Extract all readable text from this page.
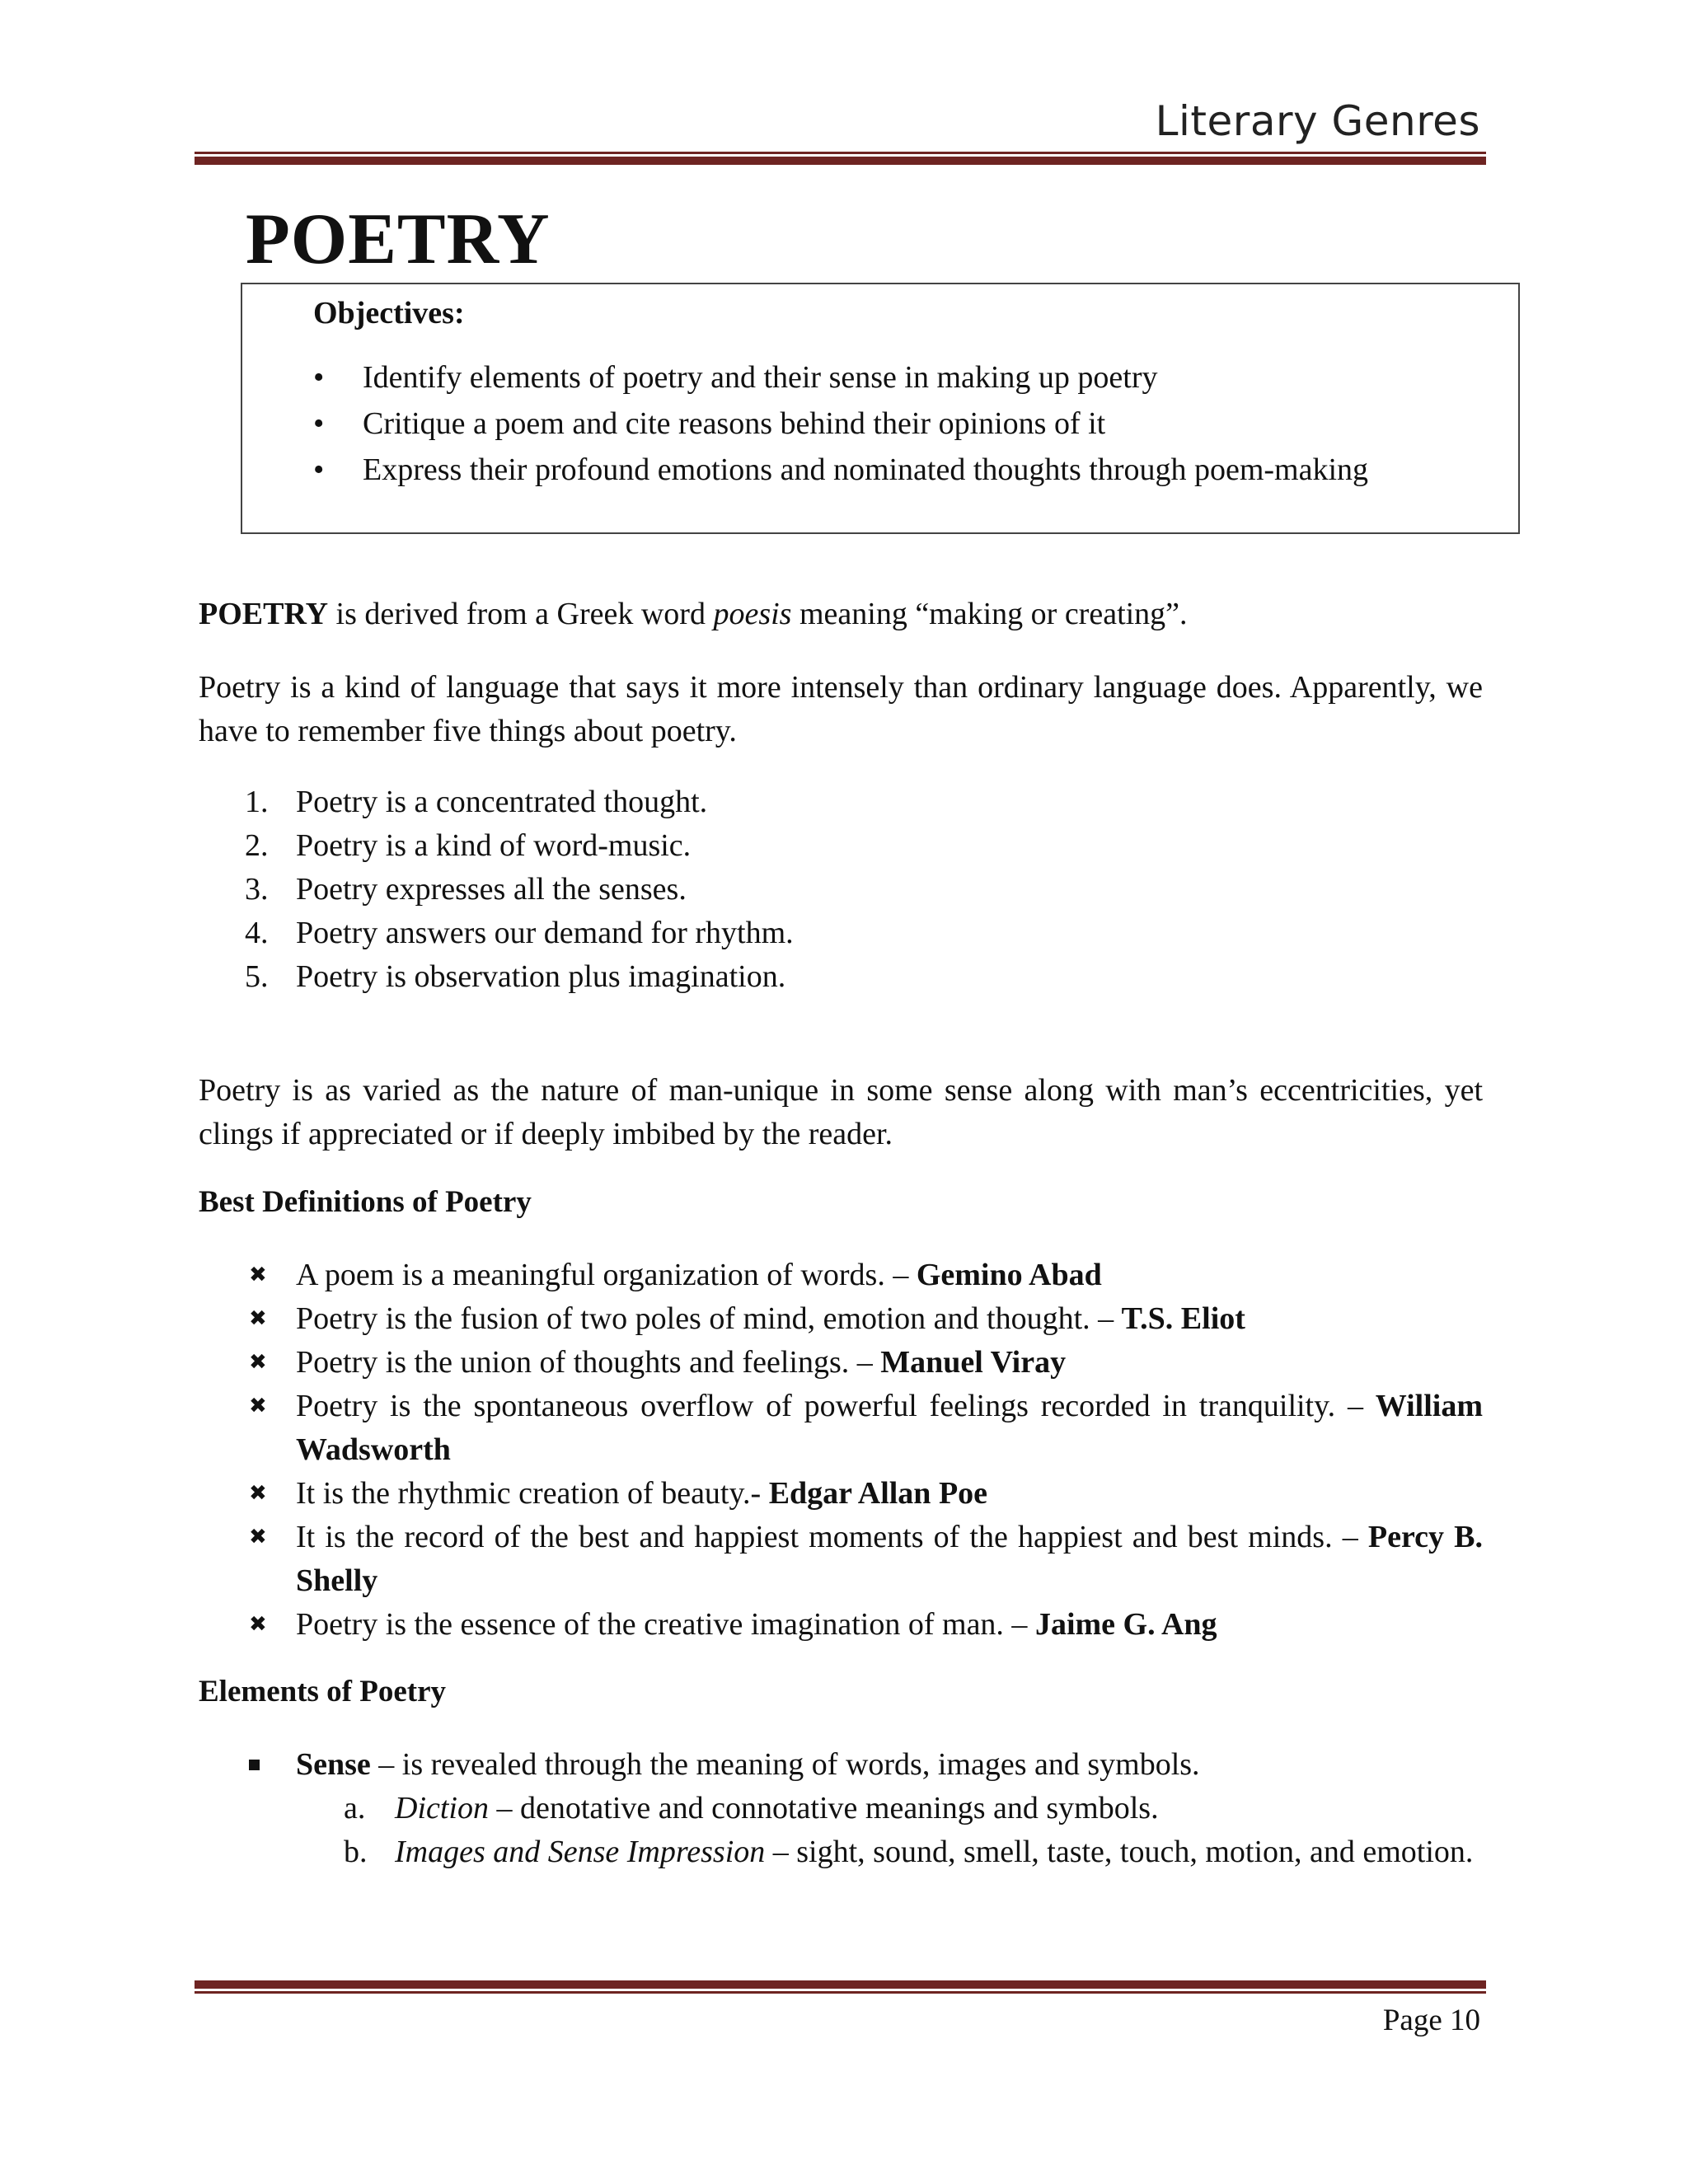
Literary Genres
POETRY
Objectives:
• Identify elements of poetry and their sense in making up poetry
• Critique a poem and cite reasons behind their opinions of it
• Express their profound emotions and nominated thoughts through poem-making

POETRY is derived from a Greek word poesis meaning “making or creating”.

Poetry is a kind of language that says it more intensely than ordinary language does. Apparently, we have to remember five things about poetry.

1. Poetry is a concentrated thought.
2. Poetry is a kind of word-music.
3. Poetry expresses all the senses.
4. Poetry answers our demand for rhythm.
5. Poetry is observation plus imagination.

Poetry is as varied as the nature of man-unique in some sense along with man’s eccentricities, yet clings if appreciated or if deeply imbibed by the reader.

Best Definitions of Poetry
✖ A poem is a meaningful organization of words. – Gemino Abad
✖ Poetry is the fusion of two poles of mind, emotion and thought. – T.S. Eliot
✖ Poetry is the union of thoughts and feelings. – Manuel Viray
✖ Poetry is the spontaneous overflow of powerful feelings recorded in tranquility. – William Wadsworth
✖ It is the rhythmic creation of beauty.- Edgar Allan Poe
✖ It is the record of the best and happiest moments of the happiest and best minds. – Percy B. Shelly
✖ Poetry is the essence of the creative imagination of man. – Jaime G. Ang
Elements of Poetry
Sense – is revealed through the meaning of words, images and symbols.
a. Diction – denotative and connotative meanings and symbols.
b. Images and Sense Impression – sight, sound, smell, taste, touch, motion, and emotion.
Page 10
